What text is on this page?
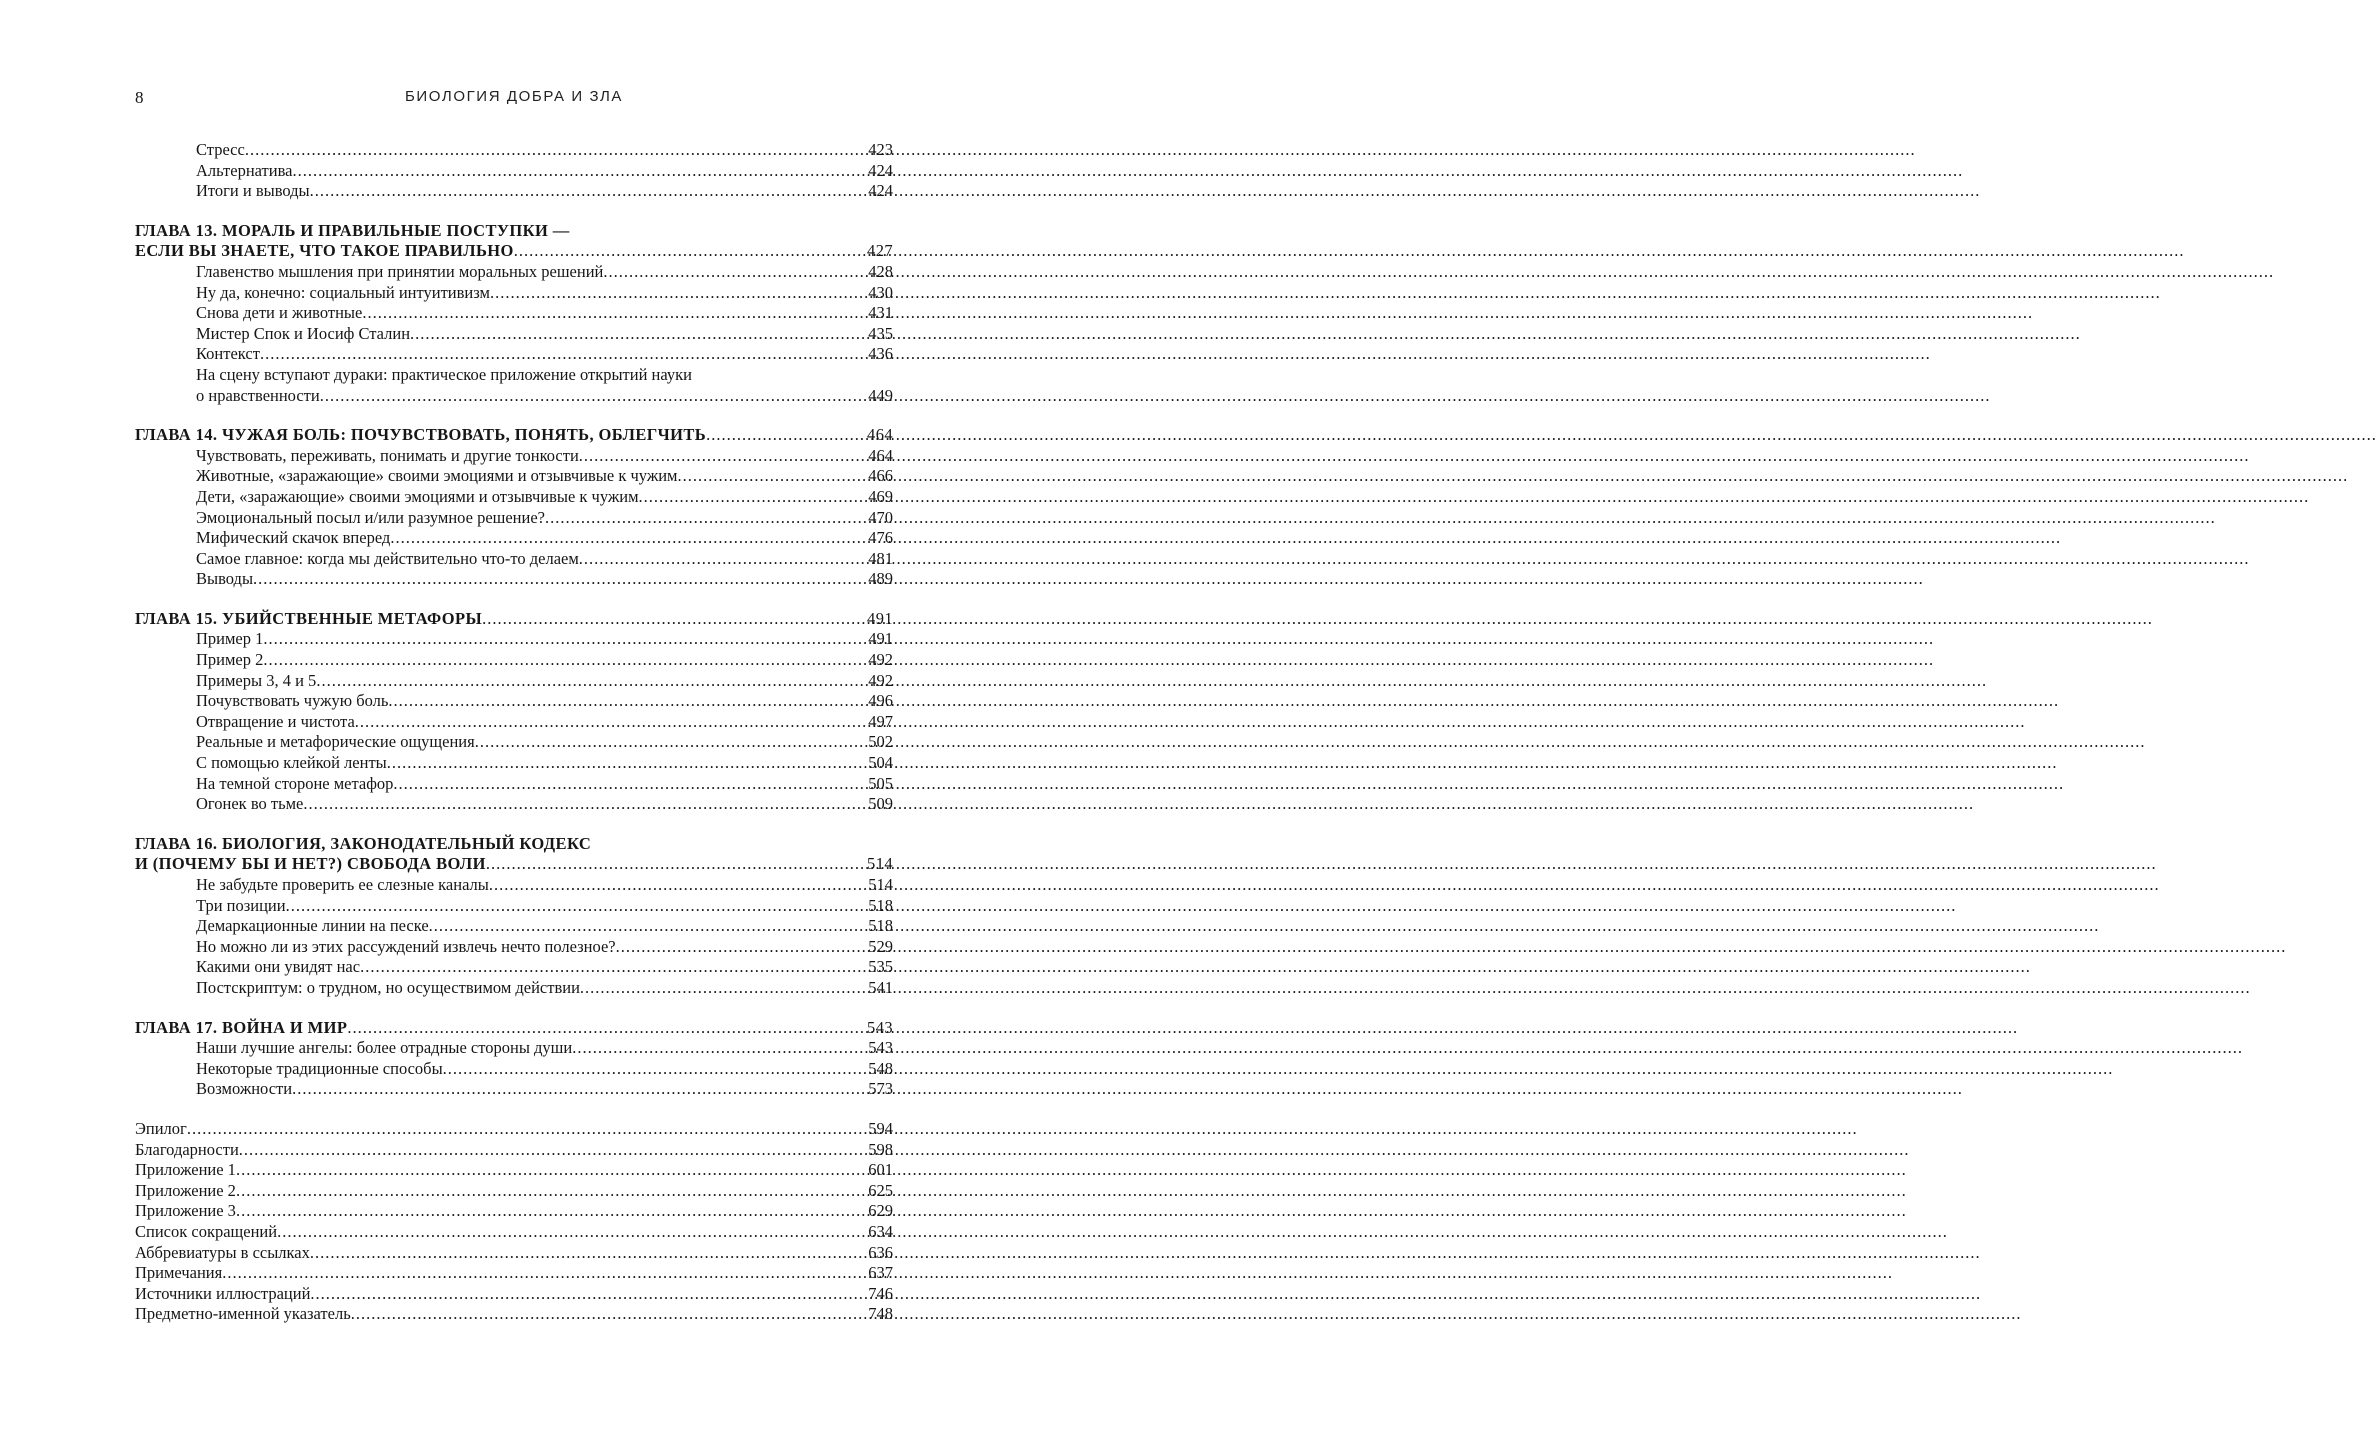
8	БИОЛОГИЯ ДОБРА И ЗЛА
Стресс .....	423
Альтернатива .....	424
Итоги и выводы .....	424
ГЛАВА 13. МОРАЛЬ И ПРАВИЛЬНЫЕ ПОСТУПКИ —
ЕСЛИ ВЫ ЗНАЕТЕ, ЧТО ТАКОЕ ПРАВИЛЬНО .....	427
Главенство мышления при принятии моральных решений .....	428
Ну да, конечно: социальный интуитивизм .....	430
Снова дети и животные .....	431
Мистер Спок и Иосиф Сталин .....	435
Контекст .....	436
На сцену вступают дураки: практическое приложение открытий науки
о нравственности .....	449
ГЛАВА 14. ЧУЖАЯ БОЛЬ: ПОЧУВСТВОВАТЬ, ПОНЯТЬ, ОБЛЕГЧИТЬ .....	464
Чувствовать, переживать, понимать и другие тонкости .....	464
Животные, «заражающие» своими эмоциями и отзывчивые к чужим .....	466
Дети, «заражающие» своими эмоциями и отзывчивые к чужим .....	469
Эмоциональный посыл и/или разумное решение? .....	470
Мифический скачок вперед .....	476
Самое главное: когда мы действительно что-то делаем .....	481
Выводы .....	489
ГЛАВА 15. УБИЙСТВЕННЫЕ МЕТАФОРЫ .....	491
Пример 1 .....	491
Пример 2 .....	492
Примеры 3, 4 и 5 .....	492
Почувствовать чужую боль .....	496
Отвращение и чистота .....	497
Реальные и метафорические ощущения .....	502
С помощью клейкой ленты .....	504
На темной стороне метафор .....	505
Огонек во тьме .....	509
ГЛАВА 16. БИОЛОГИЯ, ЗАКОНОДАТЕЛЬНЫЙ КОДЕКС
И (ПОЧЕМУ БЫ И НЕТ?) СВОБОДА ВОЛИ .....	514
Не забудьте проверить ее слезные каналы .....	514
Три позиции .....	518
Демаркационные линии на песке .....	518
Но можно ли из этих рассуждений извлечь нечто полезное? .....	529
Какими они увидят нас .....	535
Постскриптум: о трудном, но осуществимом действии .....	541
ГЛАВА 17. ВОЙНА И МИР .....	543
Наши лучшие ангелы: более отрадные стороны души .....	543
Некоторые традиционные способы .....	548
Возможности .....	573
Эпилог .....	594
Благодарности .....	598
Приложение 1 .....	601
Приложение 2 .....	625
Приложение 3 .....	629
Список сокращений .....	634
Аббревиатуры в ссылках .....	636
Примечания .....	637
Источники иллюстраций .....	746
Предметно-именной указатель .....	748
